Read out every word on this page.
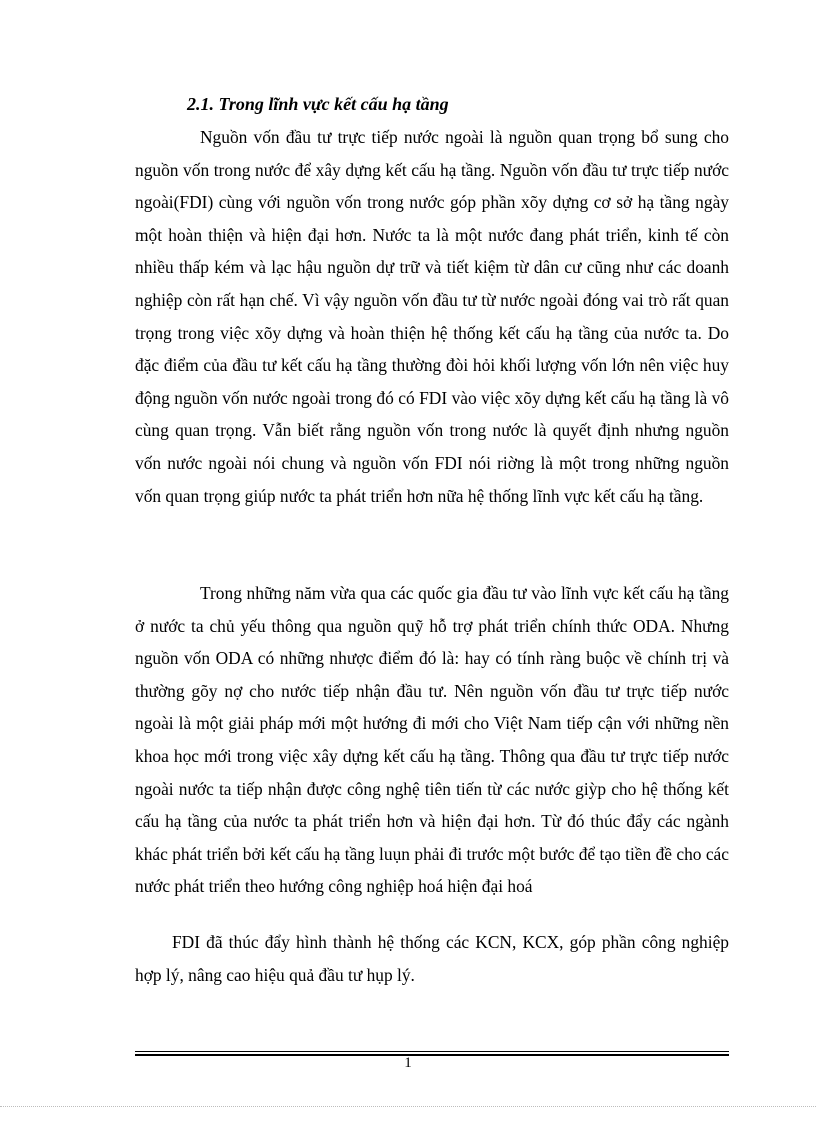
2.1. Trong lĩnh vực kết cấu hạ tầng

Nguồn vốn đầu tư trực tiếp nước ngoài là nguồn quan trọng bổ sung cho nguồn vốn trong nước để xây dựng kết cấu hạ tầng. Nguồn vốn đầu tư trực tiếp nước ngoài(FDI) cùng với nguồn vốn trong nước góp phần xõy dựng cơ sở hạ tầng ngày một hoàn thiện và hiện đại hơn. Nước ta là một nước đang phát triển, kinh tế còn nhiều thấp kém và lạc hậu nguồn dự trữ và tiết kiệm từ dân cư cũng như các doanh nghiệp còn rất hạn chế. Vì vậy nguồn vốn đầu tư từ nước ngoài đóng vai trò rất quan trọng trong việc xõy dựng và hoàn thiện hệ thống kết cấu hạ tầng của nước ta. Do đặc điểm của đầu tư kết cấu hạ tầng thường đòi hỏi khối lượng vốn lớn nên việc huy động nguồn vốn nước ngoài trong đó có FDI vào việc xõy dựng kết cấu hạ tầng là vô cùng quan trọng. Vẫn biết rằng nguồn vốn trong nước là quyết định nhưng nguồn vốn nước ngoài nói chung và nguồn vốn FDI nói riờng là một trong những nguồn vốn quan trọng giúp nước ta phát triển hơn nữa hệ thống lĩnh vực kết cấu hạ tầng.

Trong những năm vừa qua các quốc gia đầu tư vào lĩnh vực kết cấu hạ tầng ở nước ta chủ yếu thông qua nguồn quỹ hỗ trợ phát triển chính thức ODA. Nhưng nguồn vốn ODA có những nhược điểm đó là: hay có tính ràng buộc về chính trị và thường gõy nợ cho nước tiếp nhận đầu tư. Nên nguồn vốn đầu tư trực tiếp nước ngoài là một giải pháp mới một hướng đi mới cho Việt Nam tiếp cận với những nền khoa học mới trong việc xây dựng kết cấu hạ tầng. Thông qua đầu tư trực tiếp nước ngoài nước ta tiếp nhận được công nghệ tiên tiến từ các nước giỳp cho hệ thống kết cấu hạ tầng của nước ta phát triển hơn và hiện đại hơn. Từ đó thúc đẩy các ngành khác phát triển bởi kết cấu hạ tầng luụn phải đi trước một bước để tạo tiền đề cho các nước phát triển theo hướng công nghiệp hoá hiện đại hoá

FDI đã thúc đẩy hình thành hệ thống các KCN, KCX, góp phần công nghiệp hợp lý, nâng cao hiệu quả đầu tư hụp lý.

1
